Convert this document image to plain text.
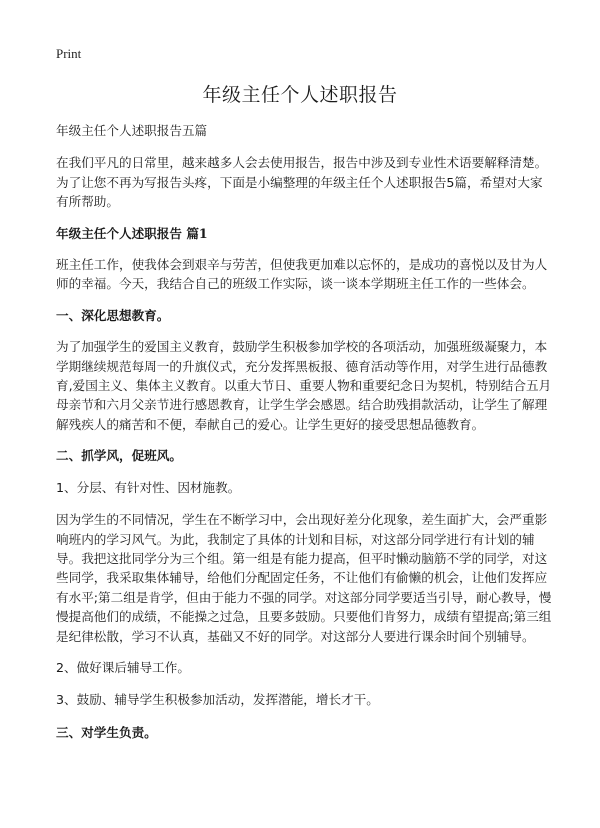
Print
年级主任个人述职报告

年级主任个人述职报告五篇

在我们平凡的日常里，越来越多人会去使用报告，报告中涉及到专业性术语要解释清楚。为了让您不再为写报告头疼，下面是小编整理的年级主任个人述职报告5篇，希望对大家有所帮助。

年级主任个人述职报告 篇1

班主任工作，使我体会到艰辛与劳苦，但使我更加难以忘怀的，是成功的喜悦以及甘为人师的幸福。今天，我结合自己的班级工作实际，谈一谈本学期班主任工作的一些体会。

一、深化思想教育。

为了加强学生的爱国主义教育，鼓励学生积极参加学校的各项活动，加强班级凝聚力，本学期继续规范每周一的升旗仪式，充分发挥黑板报、德育活动等作用，对学生进行品德教育,爱国主义、集体主义教育。以重大节日、重要人物和重要纪念日为契机，特别结合五月母亲节和六月父亲节进行感恩教育，让学生学会感恩。结合助残捐款活动，让学生了解理解残疾人的痛苦和不便，奉献自己的爱心。让学生更好的接受思想品德教育。

二、抓学风，促班风。

1、分层、有针对性、因材施教。

因为学生的不同情况，学生在不断学习中，会出现好差分化现象，差生面扩大，会严重影响班内的学习风气。为此，我制定了具体的计划和目标，对这部分同学进行有计划的辅导。我把这批同学分为三个组。第一组是有能力提高，但平时懒动脑筋不学的同学，对这些同学，我采取集体辅导，给他们分配固定任务，不让他们有偷懒的机会，让他们发挥应有水平;第二组是肯学，但由于能力不强的同学。对这部分同学要适当引导，耐心教导，慢慢提高他们的成绩，不能操之过急，且要多鼓励。只要他们肯努力，成绩有望提高;第三组是纪律松散，学习不认真，基础又不好的同学。对这部分人要进行课余时间个别辅导。

2、做好课后辅导工作。

3、鼓励、辅导学生积极参加活动，发挥潜能，增长才干。

三、对学生负责。
